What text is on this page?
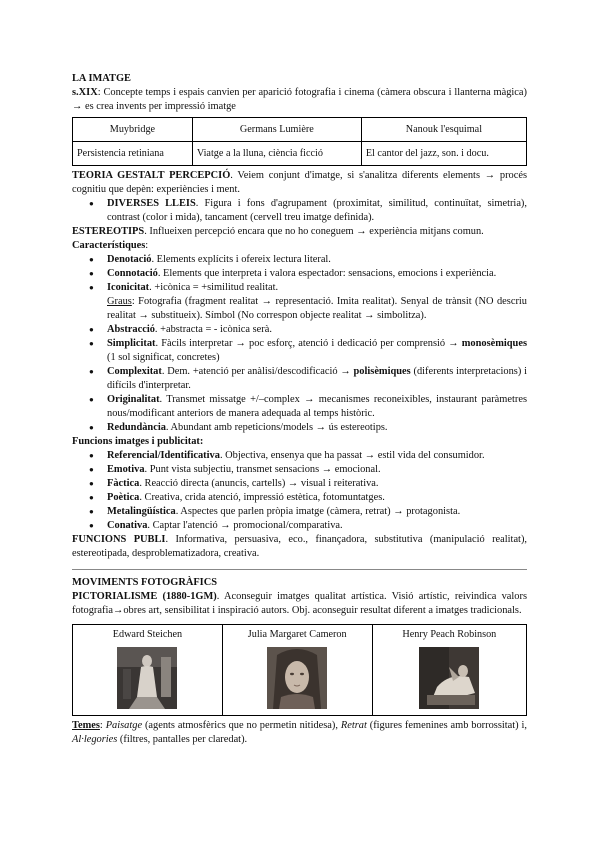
LA IMATGE

s.XIX: Concepte temps i espais canvien per aparició fotografia i cinema (càmera obscura i llanterna màgica) → es crea invents per impressió imatge

Muybridge	Germans Lumière	Nanouk l'esquimal
Persistencia retiniana	Viatge a la lluna, ciència ficció	El cantor del jazz, son. i docu.

TEORIA GESTALT PERCEPCIÓ. Veiem conjunt d'imatge, si s'analitza diferents elements → procés cognitiu que depèn: experiències i ment.

● DIVERSES LLEIS. Figura i fons d'agrupament (proximitat, similitud, continuïtat, simetria), contrast (color i mida), tancament (cervell treu imatge definida).

ESTEREOTIPS. Influeixen percepció encara que no ho coneguem → experiència mitjans comun.

Característiques:

● Denotació. Elements explícits i ofereix lectura literal.
● Connotació. Elements que interpreta i valora espectador: sensacions, emocions i experiència.
● Iconicitat. +icònica = +similitud realitat.

Graus: Fotografia (fragment realitat → representació. Imita realitat). Senyal de trànsit (NO descriu realitat → substitueix). Símbol (No correspon objecte realitat → simbolitza).

● Abstracció. +abstracta = - icònica serà.
● Simplicitat. Fàcils interpretar → poc esforç, atenció i dedicació per comprensió → monosèmiques (1 sol significat, concretes)
● Complexitat. Dem. +atenció per anàlisi/descodificació → polisèmiques (diferents interpretacions) i difícils d'interpretar.
● Originalitat. Transmet missatge +/–complex → mecanismes reconeixibles, instaurant paràmetres nous/modificant anteriors de manera adequada al temps històric.
● Redundància. Abundant amb repeticions/models → ús estereotips.

Funcions imatges i publicitat:

● Referencial/Identificativa. Objectiva, ensenya que ha passat → estil vida del consumidor.
● Emotiva. Punt vista subjectiu, transmet sensacions → emocional.
● Fàctica. Reacció directa (anuncis, cartells) → visual i reiterativa.
● Poètica. Creativa, crida atenció, impressió estètica, fotomuntatges.
● Metalingüística. Aspectes que parlen pròpia imatge (càmera, retrat) → protagonista.
● Conativa. Captar l'atenció → promocional/comparativa.

FUNCIONS PUBLI. Informativa, persuasiva, eco., finançadora, substitutiva (manipulació realitat), estereotipada, desproblematizadora, creativa.

MOVIMENTS FOTOGRÀFICS

PICTORIALISME (1880-1GM). Aconseguir imatges qualitat artística. Visió artístic, reivindica valors fotografia→obres art, sensibilitat i inspiració autors. Obj. aconseguir resultat diferent a imatges tradicionals.

Edward Steichen	Julia Margaret Cameron	Henry Peach Robinson

Temes: Paisatge (agents atmosfèrics que no permetin nitidesa), Retrat (figures femenines amb borrossitat) i, Al·legories (filtres, pantalles per claredat).
